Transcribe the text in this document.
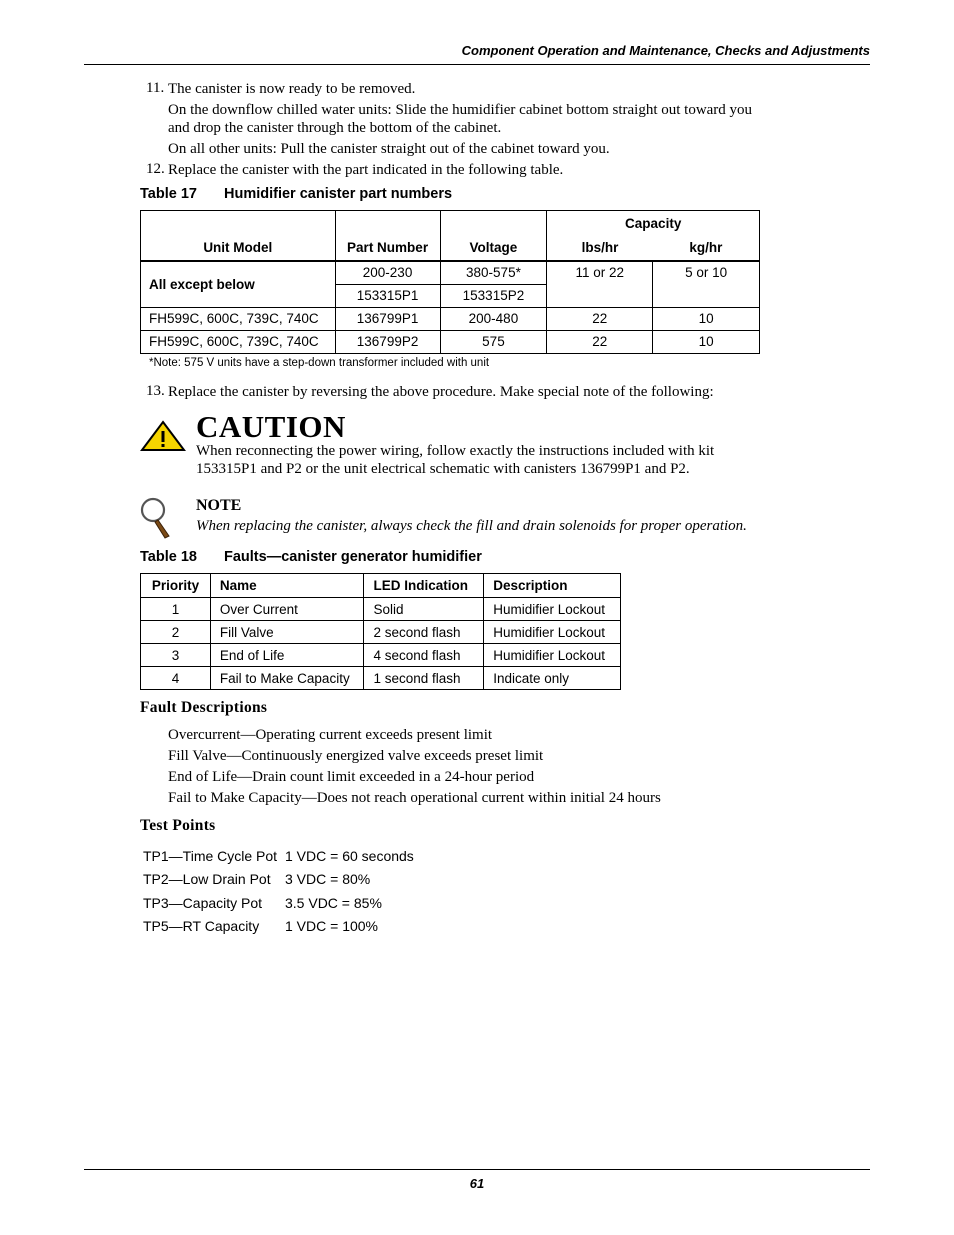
Component Operation and Maintenance, Checks and Adjustments
11. The canister is now ready to be removed.
On the downflow chilled water units: Slide the humidifier cabinet bottom straight out toward you
and drop the canister through the bottom of the cabinet.
On all other units: Pull the canister straight out of the cabinet toward you.
12. Replace the canister with the part indicated in the following table.
Table 17 Humidifier canister part numbers
Unit Model	Part Number	Voltage	Capacity	
			lbs/hr	kg/hr
All except below	200-230	380-575*	11 or 22	5 or 10
	153315P1	153315P2		
FH599C, 600C, 739C, 740C	136799P1	200-480	22	10
FH599C, 600C, 739C, 740C	136799P2	575	22	10
*Note: 575 V units have a step-down transformer included with unit
13. Replace the canister by reversing the above procedure. Make special note of the following:
CAUTION
When reconnecting the power wiring, follow exactly the instructions included with kit
153315P1 and P2 or the unit electrical schematic with canisters 136799P1 and P2.
NOTE
When replacing the canister, always check the fill and drain solenoids for proper operation.
Table 18 Faults—canister generator humidifier
Priority	Name	LED Indication	Description
1	Over Current	Solid	Humidifier Lockout
2	Fill Valve	2 second flash	Humidifier Lockout
3	End of Life	4 second flash	Humidifier Lockout
4	Fail to Make Capacity	1 second flash	Indicate only
Fault Descriptions
Overcurrent—Operating current exceeds present limit
Fill Valve—Continuously energized valve exceeds preset limit
End of Life—Drain count limit exceeded in a 24-hour period
Fail to Make Capacity—Does not reach operational current within initial 24 hours
Test Points
TP1—Time Cycle Pot 1 VDC = 60 seconds
TP2—Low Drain Pot	3 VDC = 80%
TP3—Capacity Pot	3.5 VDC = 85%
TP5—RT Capacity	1 VDC = 100%
61
